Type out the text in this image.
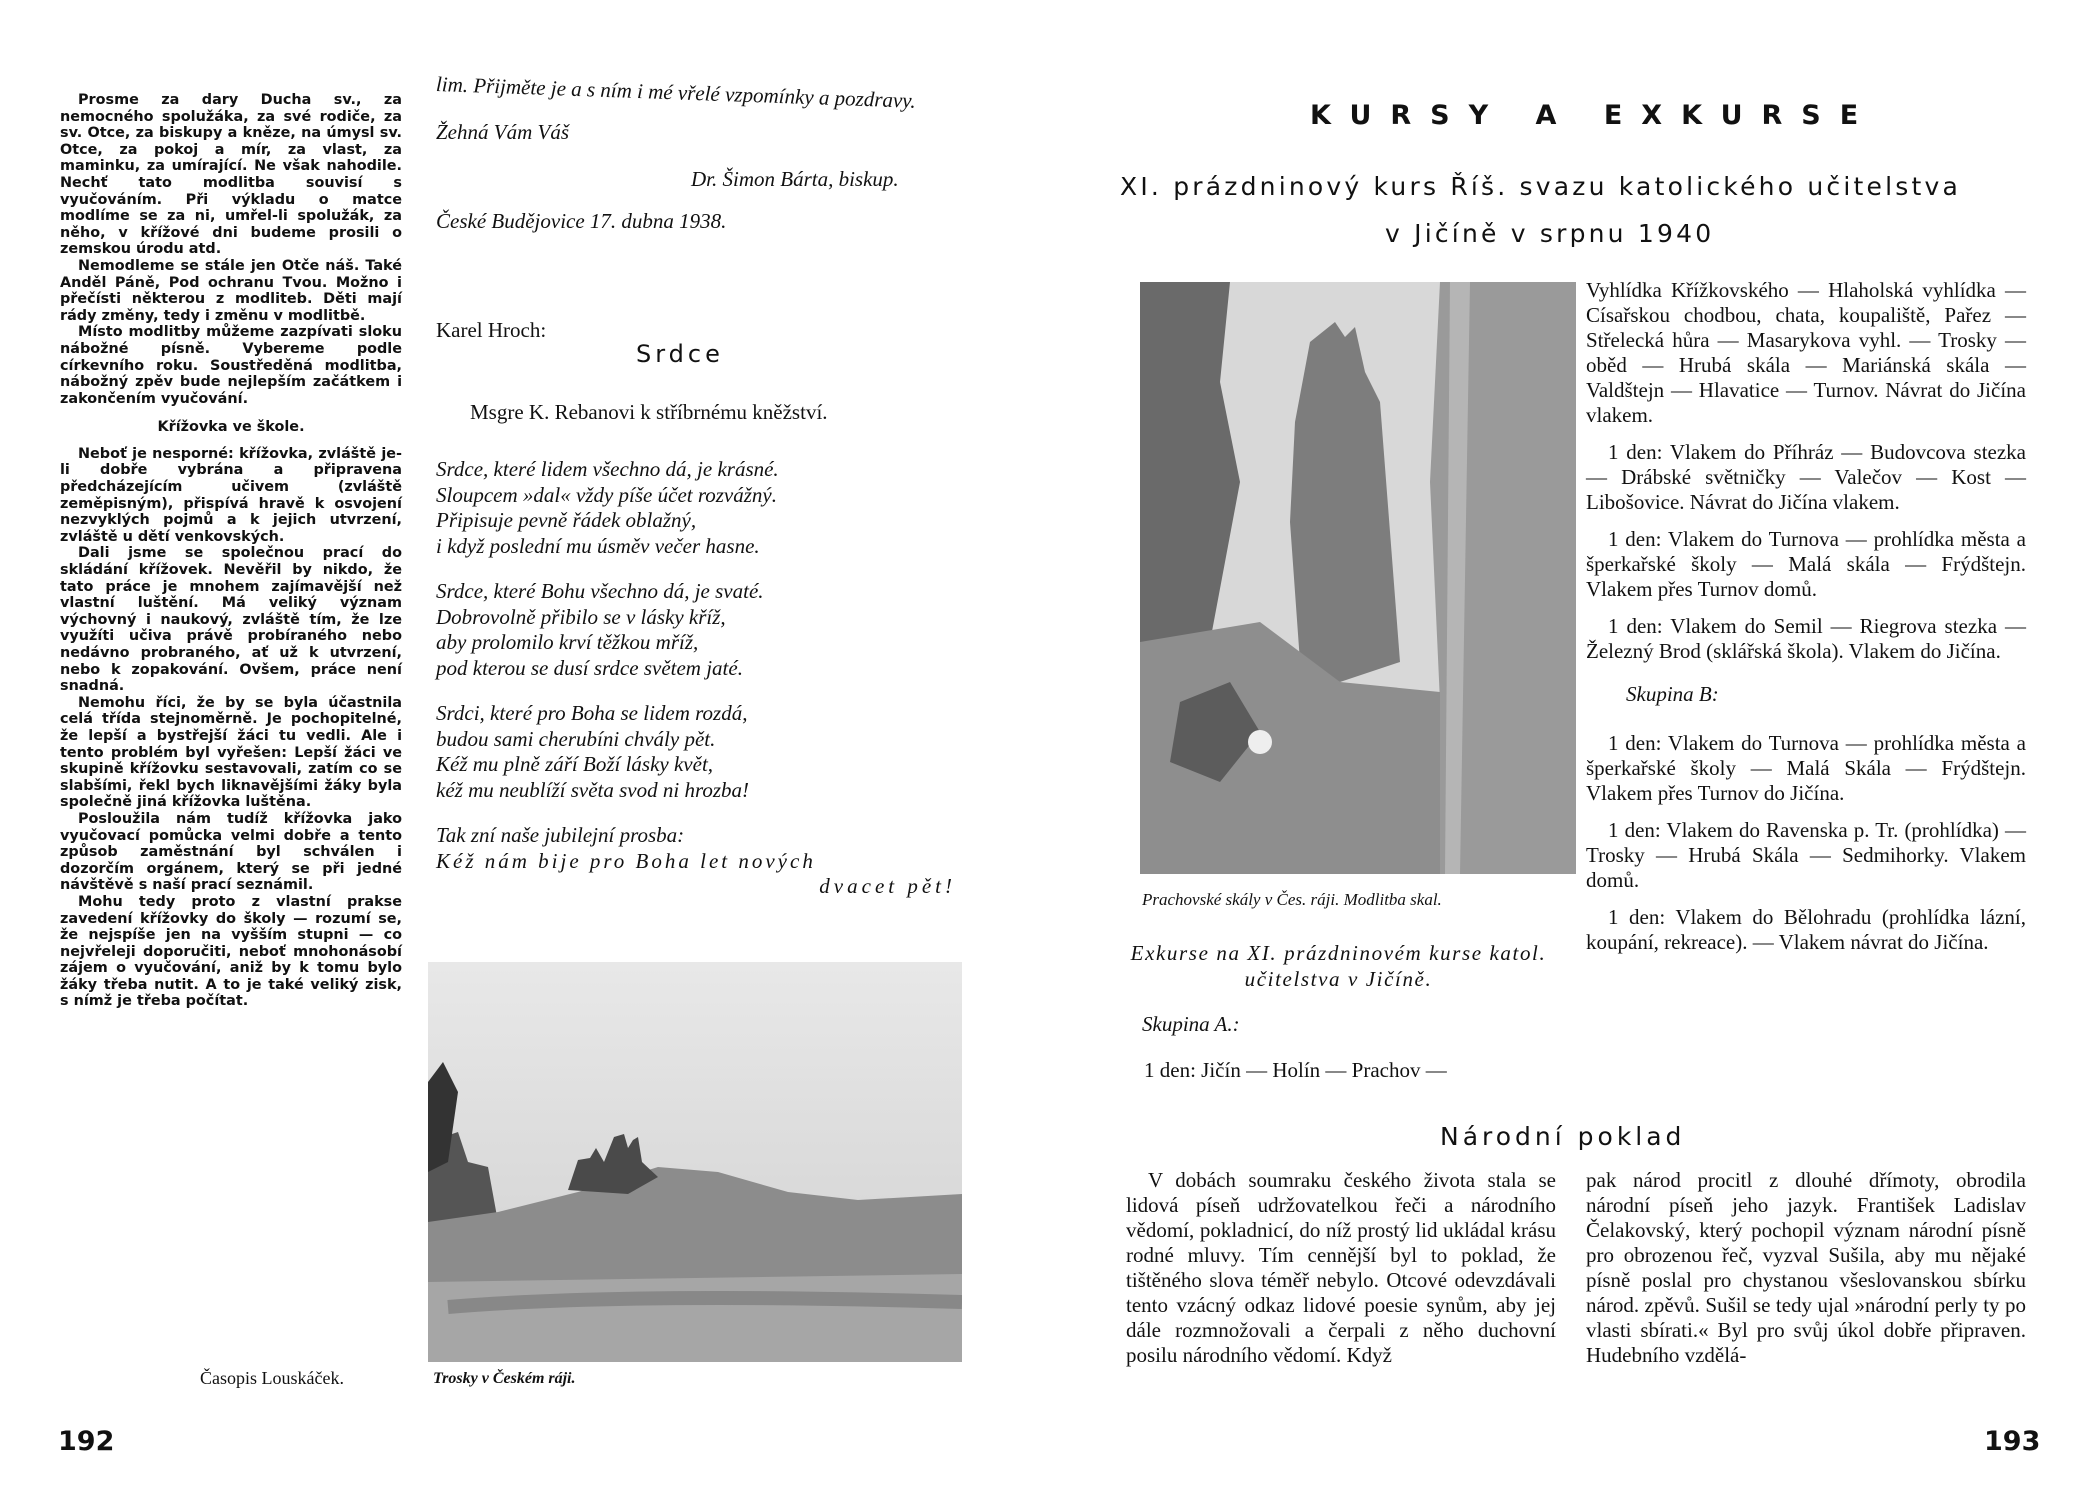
Prosme za dary Ducha sv., za nemocného spolužáka, za své rodiče, za sv. Otce, za biskupy a kněze, na úmysl sv. Otce, za pokoj a mír, za vlast, za maminku, za umírající. Ne však nahodile. Nechť tato modlitba souvisí s vyučováním. Při výkladu o matce modlíme se za ni, umřel-li spolužák, za něho, v křížové dni budeme prosili o zemskou úrodu atd.

Nemodleme se stále jen Otče náš. Také Anděl Páně, Pod ochranu Tvou. Možno i přečísti některou z modliteb. Děti mají rády změny, tedy i změnu v modlitbě.

Místo modlitby můžeme zazpívati sloku nábožné písně. Vybereme podle církevního roku. Soustředěná modlitba, nábožný zpěv bude nejlepším začátkem i zakončením vyučování.

Křížovka ve škole.

Neboť je nesporné: křížovka, zvláště je-li dobře vybrána a připravena předcházejícím učivem (zvláště zeměpisným), přispívá hravě k osvojení nezvyklých pojmů a k jejich utvrzení, zvláště u dětí venkovských.

Dali jsme se společnou prací do skládání křížovek. Nevěřil by nikdo, že tato práce je mnohem zajímavější než vlastní luštění. Má veliký význam výchovný i naukový, zvláště tím, že lze využíti učiva právě probíraného nebo nedávno probraného, ať už k utvrzení, nebo k zopakování. Ovšem, práce není snadná.

Nemohu říci, že by se byla účastnila celá třída stejnoměrně. Je pochopitelné, že lepší a bystřejší žáci tu vedli. Ale i tento problém byl vyřešen: Lepší žáci ve skupině křížovku sestavovali, zatím co se slabšími, řekl bych liknavějšími žáky byla společně jiná křížovka luštěna.

Posloužila nám tudíž křížovka jako vyučovací pomůcka velmi dobře a tento způsob zaměstnání byl schválen i dozorčím orgánem, který se při jedné návštěvě s naší prací seznámil.

Mohu tedy proto z vlastní prakse zavedení křížovky do školy — rozumí se, že nejspíše jen na vyšším stupni — co nejvřeleji doporučiti, neboť mnohonásobí zájem o vyučování, aniž by k tomu bylo žáky třeba nutit. A to je také veliký zisk, s nímž je třeba počítat.

Časopis Louskáček.
lim. Přijměte je a s ním i mé vřelé vzpomínky a pozdravy.
Žehná Vám Váš
Dr. Šimon Bárta, biskup.
České Budějovice 17. dubna 1938.
Karel Hroch:
Srdce
Msgre K. Rebanovi k stříbrnému kněžství.
Srdce, které lidem všechno dá, je krásné.
Sloupcem »dal« vždy píše účet rozvážný.
Připisuje pevně řádek oblažný,
i když poslední mu úsměv večer hasne.
Srdce, které Bohu všechno dá, je svaté.
Dobrovolně přibilo se v lásky kříž,
aby prolomilo krví těžkou mříž,
pod kterou se dusí srdce světem jaté.
Srdci, které pro Boha se lidem rozdá,
budou sami cherubíni chvály pět.
Kéž mu plně září Boží lásky květ,
kéž mu neublíží světa svod ni hrozba!
Tak zní naše jubilejní prosba:
Kéž nám bije pro Boha let nových
dvacet pět!
Trosky v Českém ráji.
192
KURSY A EXKURSE
XI. prázdninový kurs Říš. svazu katolického učitelstva
v Jičíně v srpnu 1940
Prachovské skály v Čes. ráji. Modlitba skal.
Exkurse na XI. prázdninovém kurse katol. učitelstva v Jičíně.
Skupina A.:
1 den: Jičín — Holín — Prachov —

Vyhlídka Křížkovského — Hlaholská vyhlídka — Císařskou chodbou, chata, koupaliště, Pařez — Střelecká hůra — Masarykova vyhl. — Trosky — oběd — Hrubá skála — Mariánská skála — Valdštejn — Hlavatice — Turnov. Návrat do Jičína vlakem.

1 den: Vlakem do Příhráz — Budovcova stezka — Drábské světničky — Valečov — Kost — Libošovice. Návrat do Jičína vlakem.

1 den: Vlakem do Turnova — prohlídka města a šperkařské školy — Malá skála — Frýdštejn. Vlakem přes Turnov domů.

1 den: Vlakem do Semil — Riegrova stezka — Železný Brod (sklářská škola). Vlakem do Jičína.

Skupina B:

1 den: Vlakem do Turnova — prohlídka města a šperkařské školy — Malá Skála — Frýdštejn. Vlakem přes Turnov do Jičína.

1 den: Vlakem do Ravenska p. Tr. (prohlídka) — Trosky — Hrubá Skála — Sedmihorky. Vlakem domů.

1 den: Vlakem do Bělohradu (prohlídka lázní, koupání, rekreace). — Vlakem návrat do Jičína.

Národní poklad

V dobách soumraku českého života stala se lidová píseň udržovatelkou řeči a národního vědomí, pokladnicí, do níž prostý lid ukládal krásu rodné mluvy. Tím cennější byl to poklad, že tištěného slova téměř nebylo. Otcové odevzdávali tento vzácný odkaz lidové poesie synům, aby jej dále rozmnožovali a čerpali z něho duchovní posilu národního vědomí. Když

pak národ procitl z dlouhé dřímoty, obrodila národní píseň jeho jazyk. František Ladislav Čelakovský, který pochopil význam národní písně pro obrozenou řeč, vyzval Sušila, aby mu nějaké písně poslal pro chystanou všeslovanskou sbírku národ. zpěvů. Sušil se tedy ujal »národní perly ty po vlasti sbírati.« Byl pro svůj úkol dobře připraven. Hudebního vzdělá-

193
